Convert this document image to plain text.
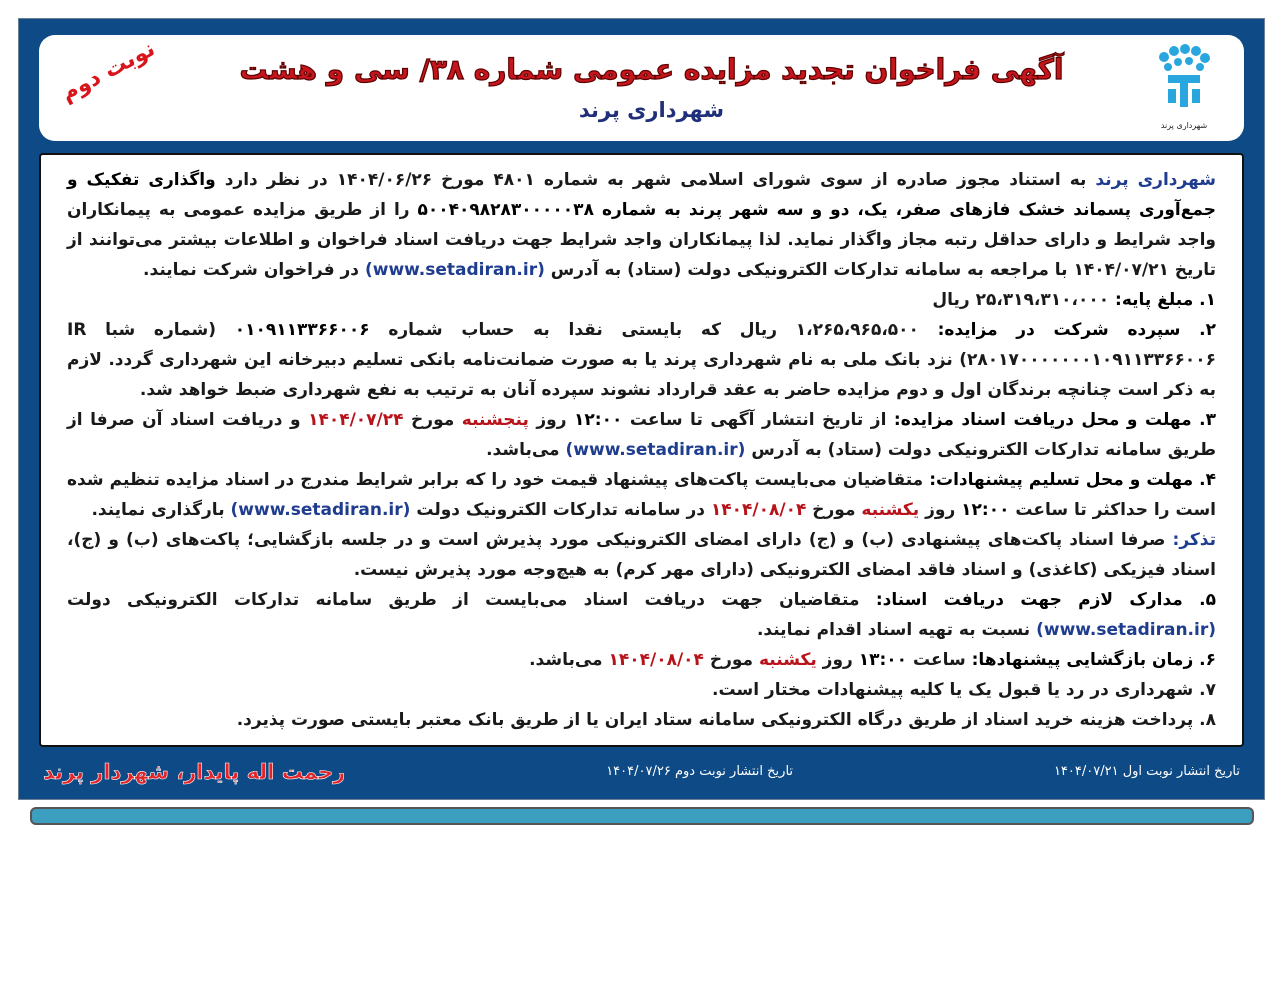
نوبت دوم	آگهی فراخوان تجدید مزایده عمومی شماره ۳۸/ سی و هشت
شهرداری پرند
شهرداری پرند

شهرداری پرند به استناد مجوز صادره از سوی شورای اسلامی شهر به شماره ۴۸۰۱ مورخ ۱۴۰۴/۰۶/۲۶ در نظر دارد واگذاری تفکیک و جمع‌آوری پسماند خشک فازهای صفر، یک، دو و سه شهر پرند به شماره ۵۰۰۴۰۹۸۲۸۳۰۰۰۰۰۳۸ را از طریق مزایده عمومی به پیمانکاران واجد شرایط و دارای حداقل رتبه مجاز واگذار نماید. لذا پیمانکاران واجد شرایط جهت دریافت اسناد فراخوان و اطلاعات بیشتر می‌توانند از تاریخ ۱۴۰۴/۰۷/۲۱ با مراجعه به سامانه تدارکات الکترونیکی دولت (ستاد) به آدرس (www.setadiran.ir) در فراخوان شرکت نمایند.

۱. مبلغ پایه: ۲۵،۳۱۹،۳۱۰،۰۰۰ ریال

۲. سپرده شرکت در مزایده: ۱،۲۶۵،۹۶۵،۵۰۰ ریال که بایستی نقدا به حساب شماره ۰۱۰۹۱۱۳۳۶۶۰۰۶ (شماره شبا IR ۲۸۰۱۷۰۰۰۰۰۰۰۱۰۹۱۱۳۳۶۶۰۰۶) نزد بانک ملی به نام شهرداری پرند یا به صورت ضمانت‌نامه بانکی تسلیم دبیرخانه این شهرداری گردد. لازم به ذکر است چنانچه برندگان اول و دوم مزایده حاضر به عقد قرارداد نشوند سپرده آنان به ترتیب به نفع شهرداری ضبط خواهد شد.

۳. مهلت و محل دریافت اسناد مزایده: از تاریخ انتشار آگهی تا ساعت ۱۲:۰۰ روز پنجشنبه مورخ ۱۴۰۴/۰۷/۲۴ و دریافت اسناد آن صرفا از طریق سامانه تدارکات الکترونیکی دولت (ستاد) به آدرس (www.setadiran.ir) می‌باشد.

۴. مهلت و محل تسلیم پیشنهادات: متقاضیان می‌بایست پاکت‌های پیشنهاد قیمت خود را که برابر شرایط مندرج در اسناد مزایده تنظیم شده است را حداکثر تا ساعت ۱۲:۰۰ روز یکشنبه مورخ ۱۴۰۴/۰۸/۰۴ در سامانه تدارکات الکترونیک دولت (www.setadiran.ir) بارگذاری نمایند.

تذکر: صرفا اسناد پاکت‌های پیشنهادی (ب) و (ج) دارای امضای الکترونیکی مورد پذیرش است و در جلسه بازگشایی؛ پاکت‌های (ب) و (ج)، اسناد فیزیکی (کاغذی) و اسناد فاقد امضای الکترونیکی (دارای مهر کرم) به هیچ‌وجه مورد پذیرش نیست.

۵. مدارک لازم جهت دریافت اسناد: متقاضیان جهت دریافت اسناد می‌بایست از طریق سامانه تدارکات الکترونیکی دولت (www.setadiran.ir) نسبت به تهیه اسناد اقدام نمایند.

۶. زمان بازگشایی پیشنهادها: ساعت ۱۳:۰۰ روز یکشنبه مورخ ۱۴۰۴/۰۸/۰۴ می‌باشد.

۷. شهرداری در رد یا قبول یک یا کلیه پیشنهادات مختار است.

۸. پرداخت هزینه خرید اسناد از طریق درگاه الکترونیکی سامانه ستاد ایران یا از طریق بانک معتبر بایستی صورت پذیرد.

تاریخ انتشار نوبت اول ۱۴۰۴/۰۷/۲۱
تاریخ انتشار نوبت دوم ۱۴۰۴/۰۷/۲۶
رحمت اله پایدار، شهردار پرند
